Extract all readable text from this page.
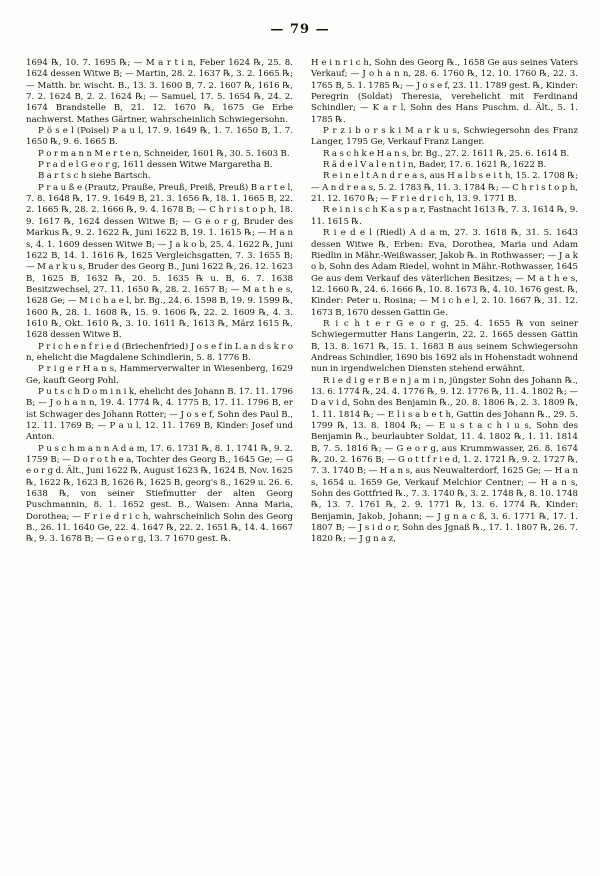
— 79 —

1694 ℞, 10. 7. 1695 ℞; — M a r t i n, Feber 1624 ℞, 25. 8. 1624 dessen Witwe B; — Martin, 28. 2. 1637 ℞, 3. 2. 1665 ℞; — Matth. br. wischt. B., 13. 3. 1600 B, 7. 2. 1607 ℞, 1616 ℞, 7. 2. 1624 B, 2. 2. 1624 ℞; — Samuel, 17. 5. 1654 ℞, 24. 2. 1674 Brandstelle B, 21. 12. 1670 ℞, 1675 Ge Erbe nachwerst. Mathes Gärtner, wahrscheinlich Schwiegersohn.

P ö s e l (Poisel) P a u l, 17. 9. 1649 ℞, 1. 7. 1650 B, 1. 7. 1650 ℞, 9. 6. 1665 B.

P o r m a n n M e r t e n, Schneider, 1601 ℞, 30. 5. 1603 B.

P r a d e l G e o r g, 1611 dessen Witwe Margaretha B.

B a r t s c h siehe Bartsch.

P r a u ß e (Prautz, Prauße, Preuß, Preiß, Preuß) B a r t e l, 7. 8. 1648 ℞, 17. 9. 1649 B, 21. 3. 1656 ℞, 18. 1. 1665 B, 22. 2. 1665 ℞, 28. 2. 1666 ℞, 9. 4. 1678 B; — C h r i s t o p h, 18. 9. 1617 ℞, 1624 dessen Witwe B; — G e o r g, Bruder des Markus ℞, 9. 2. 1622 ℞, Juni 1622 B, 19. 1. 1615 ℞; — H a n s, 4. 1. 1609 dessen Witwe B; — J a k o b, 25. 4. 1622 ℞, Juni 1622 B, 14. 1. 1616 ℞, 1625 Vergleichsgatten, 7. 3. 1655 B; — M a r k u s, Bruder des Georg B., Juni 1622 ℞, 26. 12. 1623 B, 1625 B, 1632 ℞, 20. 5. 1635 ℞ u. B, 6. 7. 1638 Besitzwechsel, 27. 11. 1650 ℞, 28. 2. 1657 B; — M a t h e s, 1628 Ge; — M i c h a e l, br. Bg., 24. 6. 1598 B, 19. 9. 1599 ℞, 1600 ℞, 28. 1. 1608 ℞, 15. 9. 1606 ℞, 22. 2. 1609 ℞, 4. 3. 1610 ℞, Okt. 1610 ℞, 3. 10. 1611 ℞, 1613 ℞, März 1615 ℞, 1628 dessen Witwe B.

P r i c h e n f r i e d (Briechenfried) J o s e f in L a n d s k r o n, ehelicht die Magdalene Schindlerin, 5. 8. 1776 B.

P r i g e r H a n s, Hammerverwalter in Wiesenberg, 1629 Ge, kauft Georg Pohl.

P u t s c h D o m i n i k, ehelicht des Johann B. 17. 11. 1796 B; — J o h a n n, 19. 4. 1774 ℞, 4. 1775 B, 17. 11. 1796 B, er ist Schwager des Johann Rotter; — J o s e f, Sohn des Paul B., 12. 11. 1769 B; — P a u l, 12. 11. 1769 B, Kinder: Josef und Anton.

P u s c h m a n n A d a m, 17. 6. 1731 ℞, 8. 1. 1741 ℞, 9. 2. 1759 B; — D o r o t h e a, Tochter des Georg B., 1645 Ge; — G e o r g d. Ält., Juni 1622 ℞, August 1623 ℞, 1624 B, Nov. 1625 ℞, 1622 ℞, 1623 B, 1626 ℞, 1625 B, georg's 8., 1629 u. 26. 6. 1638 ℞, von seiner Stiefmutter der alten Georg Puschmannin, 8. 1. 1652 gest. B., Waisen: Anna Maria, Dorothea; — F r i e d r i c h, wahrscheinlich Sohn des Georg B., 26. 11. 1640 Ge, 22. 4. 1647 ℞, 22. 2. 1651 ℞, 14. 4. 1667 ℞, 9. 3. 1678 B; — G e o r g, 13. 7 1670 gest. ℞.

H e i n r i c h, Sohn des Georg ℞., 1658 Ge aus seines Vaters Verkauf; — J o h a n n, 28. 6. 1760 ℞, 12. 10. 1760 ℞, 22. 3. 1765 B, 5. 1. 1785 ℞; — J o s e f, 23. 11. 1789 gest. ℞, Kinder: Peregrin (Soldat) Theresia, verehelicht mit Ferdinand Schindler; — K a r l, Sohn des Hans Puschm. d. Ält., 5. 1. 1785 ℞.

P r z i b o r s k i M a r k u s, Schwiegersohn des Franz Langer, 1795 Ge, Verkauf Franz Langer.

R a s c h k e H a n s, br. Bg., 27. 2. 1611 ℞, 25. 6. 1614 B.

R ä d e l V a l e n t i n, Bader, 17. 6. 1621 ℞, 1622 B.

R e i n e l t A n d r e a s, aus H a l b s e i t h, 15. 2. 1708 ℞; — A n d r e a s, 5. 2. 1783 ℞, 11. 3. 1784 ℞; — C h r i s t o p h, 21. 12. 1670 ℞; — F r i e d r i c h, 13. 9. 1771 B.

R e i n i s c h K a s p a r, Fastnacht 1613 ℞, 7. 3. 1614 ℞, 9. 11. 1615 ℞.

R i e d e l (Riedl) A d a m, 27. 3. 1618 ℞, 31. 5. 1643 dessen Witwe ℞, Erben: Eva, Dorothea, Maria und Adam Riedlin in Mähr.-Weißwasser, Jakob ℞. in Rothwasser; — J a k o b, Sohn des Adam Riedel, wohnt in Mähr.-Rothwasser, 1645 Ge aus dem Verkauf des väterlichen Besitzes; — M a t h e s, 12. 1660 ℞, 24. 6. 1666 ℞, 10. 8. 1673 ℞, 4. 10. 1676 gest. ℞, Kinder: Peter u. Rosina; — M i c h e l, 2. 10. 1667 ℞, 31. 12. 1673 B, 1670 dessen Gattin Ge.

R i c h t e r G e o r g, 25. 4. 1655 ℞ von seiner Schwiegermutter Hans Langerin, 22. 2. 1665 dessen Gattin B, 13. 8. 1671 ℞, 15. 1. 1683 B aus seinem Schwiegersohn Andreas Schindler, 1690 bis 1692 als in Hohenstadt wohnend nun in irgendwelchen Diensten stehend erwähnt.

R i e d i g e r B e n j a m i n, jüngster Sohn des Johann ℞., 13. 6. 1774 ℞, 24. 4. 1776 ℞, 9. 12. 1776 ℞, 11. 4. 1802 ℞; — D a v i d, Sohn des Benjamin ℞., 20. 8. 1806 ℞, 2. 3. 1809 ℞, 1. 11. 1814 ℞; — E l i s a b e t h, Gattin des Johann ℞., 29. 5. 1799 ℞, 13. 8. 1804 ℞; — E u s t a c h i u s, Sohn des Benjamin ℞., beurlaubter Soldat, 11. 4. 1802 ℞, 1. 11. 1814 B, 7. 5. 1816 ℞; — G e o r g, aus Krummwasser, 26. 8. 1674 ℞, 20. 2. 1676 B; — G o t t f r i e d, 1. 2. 1721 ℞, 9. 2. 1727 ℞, 7. 3. 1740 B; — H a n s, aus Neuwalterdorf, 1625 Ge; — H a n s, 1654 u. 1659 Ge, Verkauf Melchior Centner; — H a n s, Sohn des Gottfried ℞., 7. 3. 1740 ℞, 3. 2. 1748 ℞, 8. 10. 1748 ℞, 13. 7. 1761 ℞, 2. 9. 1771 ℞, 13. 6. 1774 ℞, Kinder: Benjamin, Jakob, Johann; — J g n a c ß, 3. 6. 1771 ℞, 17. 1. 1807 B; — J s i d o r, Sohn des Jgnaß ℞., 17. 1. 1807 ℞, 26. 7. 1820 ℞; — J g n a z,
